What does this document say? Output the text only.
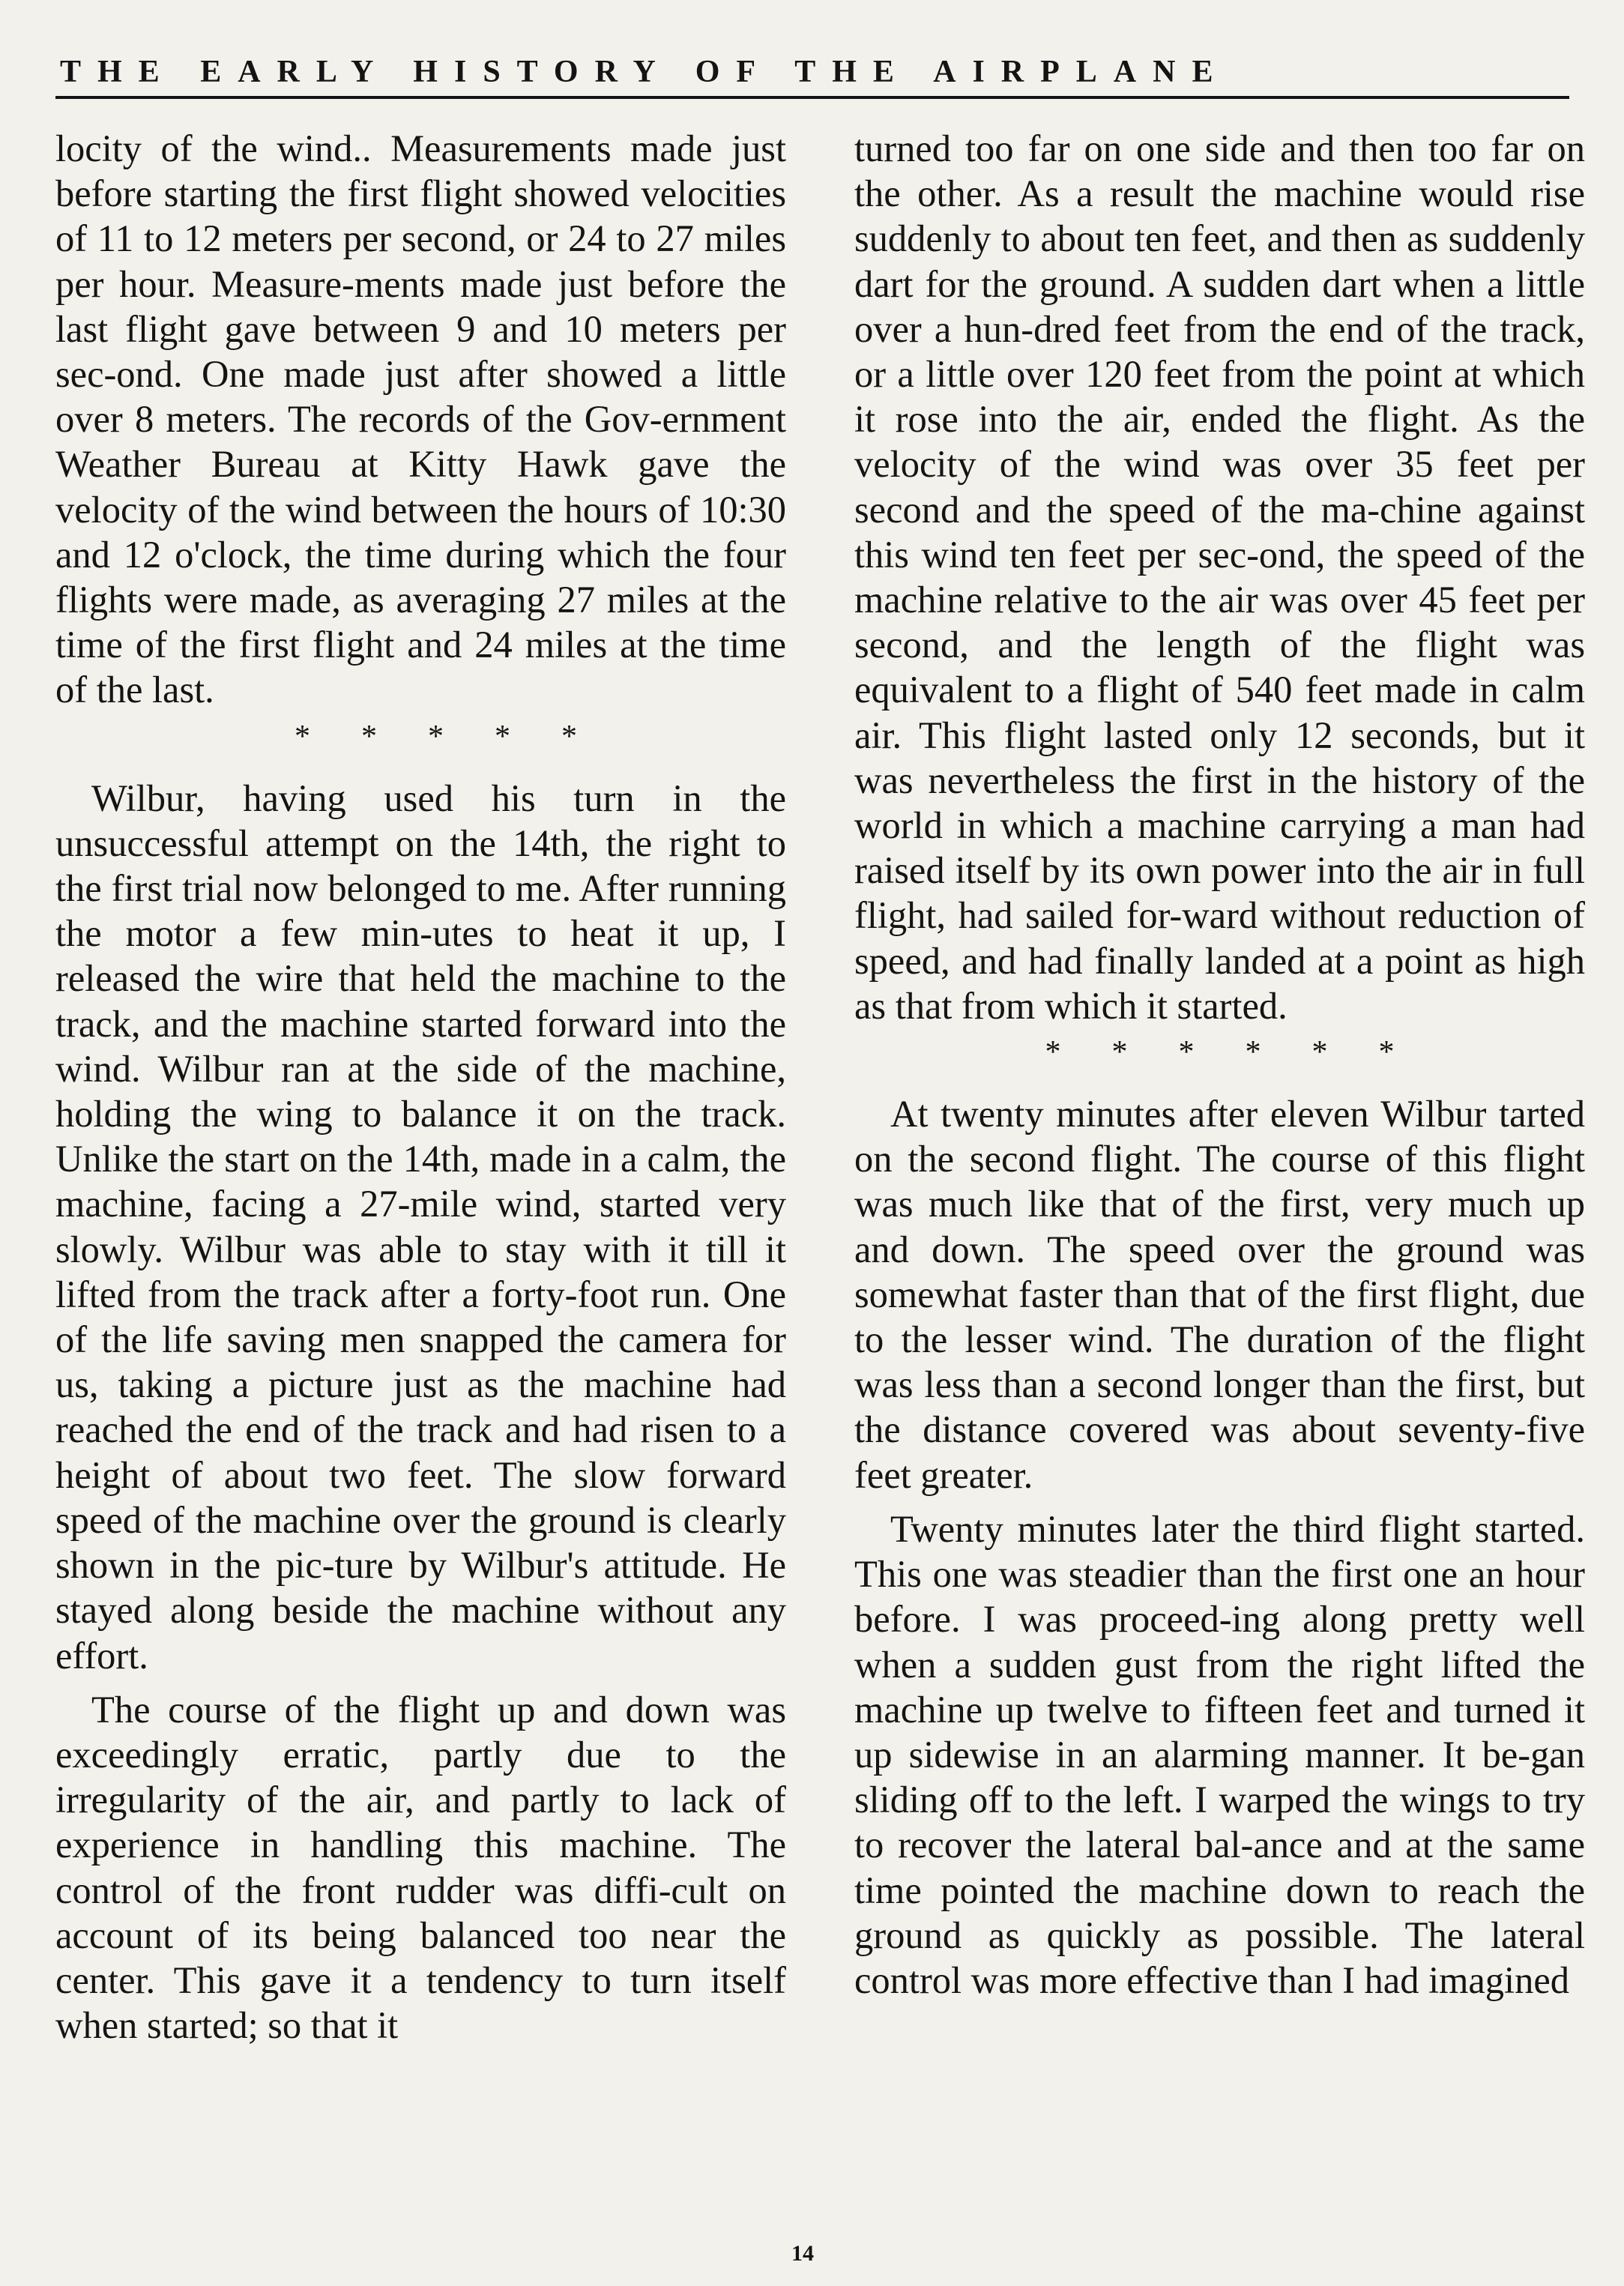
THE EARLY HISTORY OF THE AIRPLANE

locity of the wind.. Measurements made just before starting the first flight showed velocities of 11 to 12 meters per second, or 24 to 27 miles per hour. Measure-ments made just before the last flight gave between 9 and 10 meters per sec-ond. One made just after showed a little over 8 meters. The records of the Gov-ernment Weather Bureau at Kitty Hawk gave the velocity of the wind between the hours of 10:30 and 12 o'clock, the time during which the four flights were made, as averaging 27 miles at the time of the first flight and 24 miles at the time of the last.

* * * * *

Wilbur, having used his turn in the unsuccessful attempt on the 14th, the right to the first trial now belonged to me. After running the motor a few min-utes to heat it up, I released the wire that held the machine to the track, and the machine started forward into the wind. Wilbur ran at the side of the machine, holding the wing to balance it on the track. Unlike the start on the 14th, made in a calm, the machine, facing a 27-mile wind, started very slowly. Wilbur was able to stay with it till it lifted from the track after a forty-foot run. One of the life saving men snapped the camera for us, taking a picture just as the machine had reached the end of the track and had risen to a height of about two feet. The slow forward speed of the machine over the ground is clearly shown in the pic-ture by Wilbur's attitude. He stayed along beside the machine without any effort.

The course of the flight up and down was exceedingly erratic, partly due to the irregularity of the air, and partly to lack of experience in handling this machine. The control of the front rudder was diffi-cult on account of its being balanced too near the center. This gave it a tendency to turn itself when started; so that it

turned too far on one side and then too far on the other. As a result the machine would rise suddenly to about ten feet, and then as suddenly dart for the ground. A sudden dart when a little over a hun-dred feet from the end of the track, or a little over 120 feet from the point at which it rose into the air, ended the flight. As the velocity of the wind was over 35 feet per second and the speed of the ma-chine against this wind ten feet per sec-ond, the speed of the machine relative to the air was over 45 feet per second, and the length of the flight was equivalent to a flight of 540 feet made in calm air. This flight lasted only 12 seconds, but it was nevertheless the first in the history of the world in which a machine carrying a man had raised itself by its own power into the air in full flight, had sailed for-ward without reduction of speed, and had finally landed at a point as high as that from which it started.

* * * * * *

At twenty minutes after eleven Wilbur tarted on the second flight. The course of this flight was much like that of the first, very much up and down. The speed over the ground was somewhat faster than that of the first flight, due to the lesser wind. The duration of the flight was less than a second longer than the first, but the distance covered was about seventy-five feet greater.

Twenty minutes later the third flight started. This one was steadier than the first one an hour before. I was proceed-ing along pretty well when a sudden gust from the right lifted the machine up twelve to fifteen feet and turned it up sidewise in an alarming manner. It be-gan sliding off to the left. I warped the wings to try to recover the lateral bal-ance and at the same time pointed the machine down to reach the ground as quickly as possible. The lateral control was more effective than I had imagined

14
